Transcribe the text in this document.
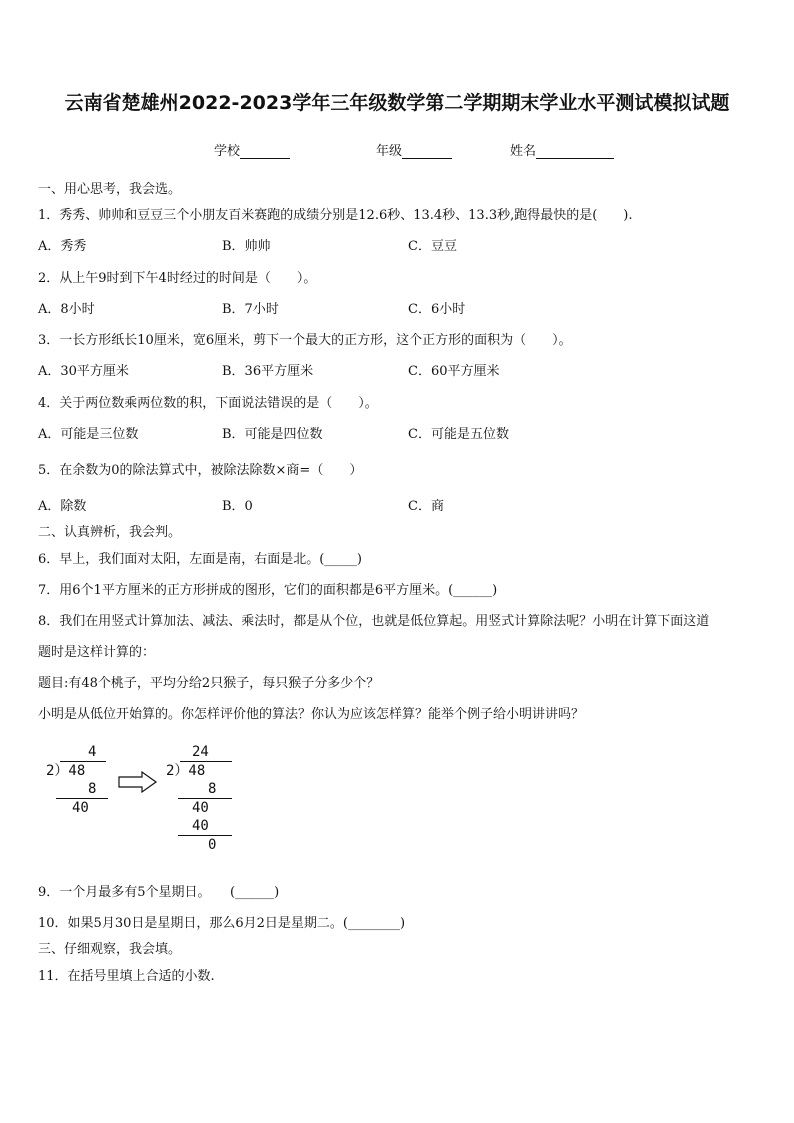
云南省楚雄州2022-2023学年三年级数学第二学期期末学业水平测试模拟试题
学校	年级	姓名
一、用心思考，我会选。
1．秀秀、帅帅和豆豆三个小朋友百米赛跑的成绩分别是12.6秒、13.4秒、13.3秒,跑得最快的是(　　).
A．秀秀	B．帅帅	C．豆豆
2．从上午9时到下午4时经过的时间是（　　）。
A．8小时	B．7小时	C．6小时
3．一长方形纸长10厘米，宽6厘米，剪下一个最大的正方形，这个正方形的面积为（　　）。
A．30平方厘米	B．36平方厘米	C．60平方厘米
4．关于两位数乘两位数的积，下面说法错误的是（　　）。
A．可能是三位数	B．可能是四位数	C．可能是五位数
5．在余数为0的除法算式中，被除法除数×商=（　　）
A．除数	B．0	C．商
二、认真辨析，我会判。
6．早上，我们面对太阳，左面是南，右面是北。(_____)
7．用6个1平方厘米的正方形拼成的图形，它们的面积都是6平方厘米。(______)
8．我们在用竖式计算加法、减法、乘法时，都是从个位，也就是低位算起。用竖式计算除法呢？小明在计算下面这道
题时是这样计算的：
题目:有48个桃子，平均分给2只猴子，每只猴子分多少个？
小明是从低位开始算的。你怎样评价他的算法？你认为应该怎样算？能举个例子给小明讲讲吗？
4
2）48
8
40
24
2）48
8
40
40
0
9．一个月最多有5个星期日。　　(______)
10．如果5月30日是星期日，那么6月2日是星期二。(________)
三、仔细观察，我会填。
11．在括号里填上合适的小数.
